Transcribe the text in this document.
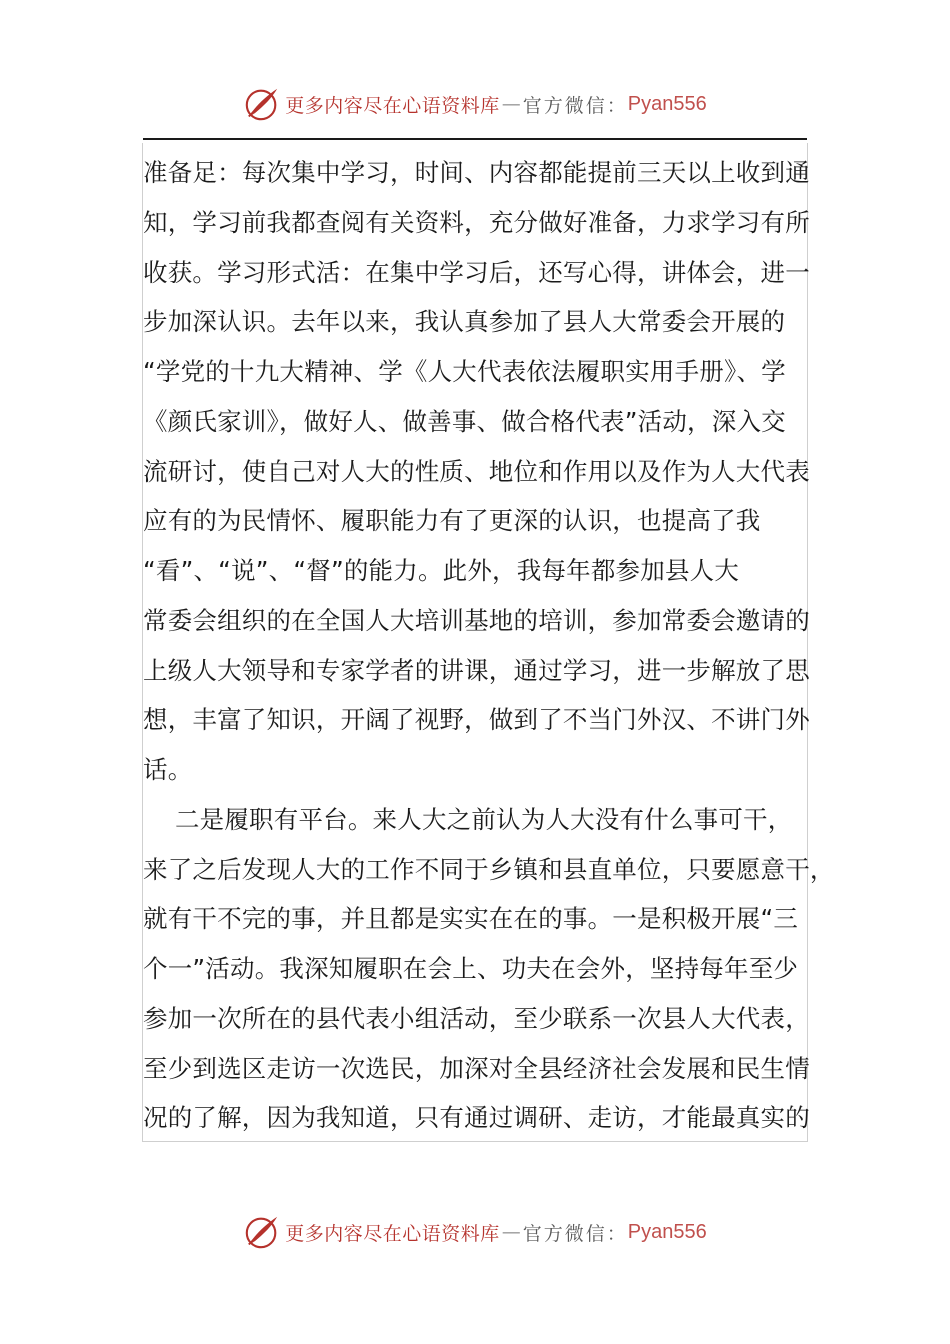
更多内容尽在心语资料库 — 官方微信： Pyan556
准备足：每次集中学习，时间、内容都能提前三天以上收到通
知，学习前我都查阅有关资料，充分做好准备，力求学习有所
收获。学习形式活：在集中学习后，还写心得，讲体会，进一
步加深认识。去年以来，我认真参加了县人大常委会开展的
“学党的十九大精神、学《人大代表依法履职实用手册》、学
《颜氏家训》，做好人、做善事、做合格代表”活动，深入交
流研讨，使自己对人大的性质、地位和作用以及作为人大代表
应有的为民情怀、履职能力有了更深的认识，也提高了我
“看”、“说”、“督”的能力。此外，我每年都参加县人大
常委会组织的在全国人大培训基地的培训，参加常委会邀请的
上级人大领导和专家学者的讲课，通过学习，进一步解放了思
想，丰富了知识，开阔了视野，做到了不当门外汉、不讲门外
话。
二是履职有平台。来人大之前认为人大没有什么事可干，
来了之后发现人大的工作不同于乡镇和县直单位，只要愿意干，
就有干不完的事，并且都是实实在在的事。一是积极开展“三
个一”活动。我深知履职在会上、功夫在会外，坚持每年至少
参加一次所在的县代表小组活动，至少联系一次县人大代表，
至少到选区走访一次选民，加深对全县经济社会发展和民生情
况的了解，因为我知道，只有通过调研、走访，才能最真实的
更多内容尽在心语资料库 — 官方微信： Pyan556
